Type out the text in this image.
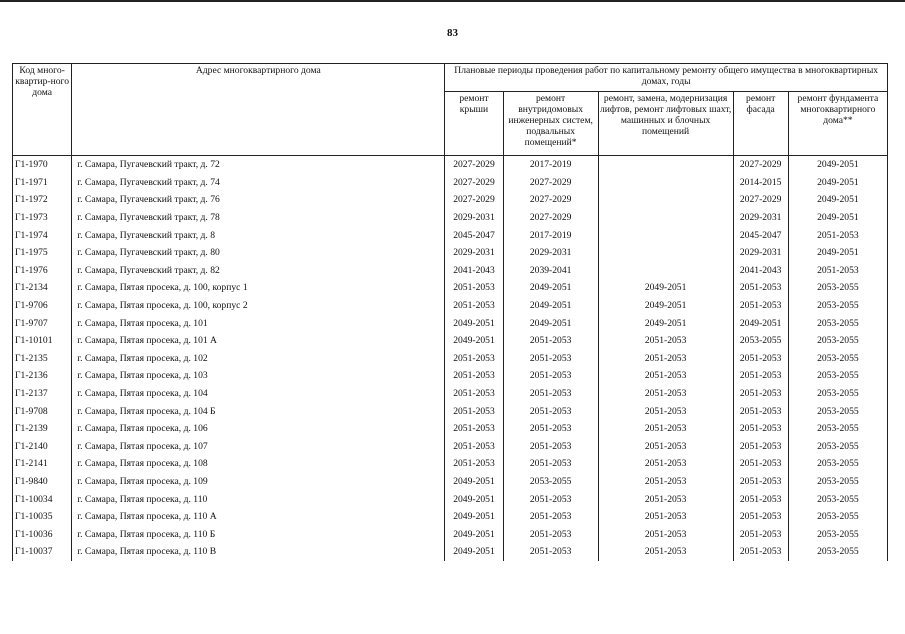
83
Код много-квартир-ного дома	Адрес многоквартирного дома	Плановые периоды проведения работ по капитальному ремонту общего имущества в многоквартирных домах, годы				
		ремонт крыши	ремонт внутридомовых инженерных систем, подвальных помещений*	ремонт, замена, модернизация лифтов, ремонт лифтовых шахт, машинных и блочных помещений	ремонт фасада	ремонт фундамента многоквартирного дома**
Г1-1970	г. Самара, Пугачевский тракт, д. 72	2027-2029	2017-2019		2027-2029	2049-2051
Г1-1971	г. Самара, Пугачевский тракт, д. 74	2027-2029	2027-2029		2014-2015	2049-2051
Г1-1972	г. Самара, Пугачевский тракт, д. 76	2027-2029	2027-2029		2027-2029	2049-2051
Г1-1973	г. Самара, Пугачевский тракт, д. 78	2029-2031	2027-2029		2029-2031	2049-2051
Г1-1974	г. Самара, Пугачевский тракт, д. 8	2045-2047	2017-2019		2045-2047	2051-2053
Г1-1975	г. Самара, Пугачевский тракт, д. 80	2029-2031	2029-2031		2029-2031	2049-2051
Г1-1976	г. Самара, Пугачевский тракт, д. 82	2041-2043	2039-2041		2041-2043	2051-2053
Г1-2134	г. Самара, Пятая просека, д. 100, корпус 1	2051-2053	2049-2051	2049-2051	2051-2053	2053-2055
Г1-9706	г. Самара, Пятая просека, д. 100, корпус 2	2051-2053	2049-2051	2049-2051	2051-2053	2053-2055
Г1-9707	г. Самара, Пятая просека, д. 101	2049-2051	2049-2051	2049-2051	2049-2051	2053-2055
Г1-10101	г. Самара, Пятая просека, д. 101 А	2049-2051	2051-2053	2051-2053	2053-2055	2053-2055
Г1-2135	г. Самара, Пятая просека, д. 102	2051-2053	2051-2053	2051-2053	2051-2053	2053-2055
Г1-2136	г. Самара, Пятая просека, д. 103	2051-2053	2051-2053	2051-2053	2051-2053	2053-2055
Г1-2137	г. Самара, Пятая просека, д. 104	2051-2053	2051-2053	2051-2053	2051-2053	2053-2055
Г1-9708	г. Самара, Пятая просека, д. 104 Б	2051-2053	2051-2053	2051-2053	2051-2053	2053-2055
Г1-2139	г. Самара, Пятая просека, д. 106	2051-2053	2051-2053	2051-2053	2051-2053	2053-2055
Г1-2140	г. Самара, Пятая просека, д. 107	2051-2053	2051-2053	2051-2053	2051-2053	2053-2055
Г1-2141	г. Самара, Пятая просека, д. 108	2051-2053	2051-2053	2051-2053	2051-2053	2053-2055
Г1-9840	г. Самара, Пятая просека, д. 109	2049-2051	2053-2055	2051-2053	2051-2053	2053-2055
Г1-10034	г. Самара, Пятая просека, д. 110	2049-2051	2051-2053	2051-2053	2051-2053	2053-2055
Г1-10035	г. Самара, Пятая просека, д. 110 А	2049-2051	2051-2053	2051-2053	2051-2053	2053-2055
Г1-10036	г. Самара, Пятая просека, д. 110 Б	2049-2051	2051-2053	2051-2053	2051-2053	2053-2055
Г1-10037	г. Самара, Пятая просека, д. 110 В	2049-2051	2051-2053	2051-2053	2051-2053	2053-2055
